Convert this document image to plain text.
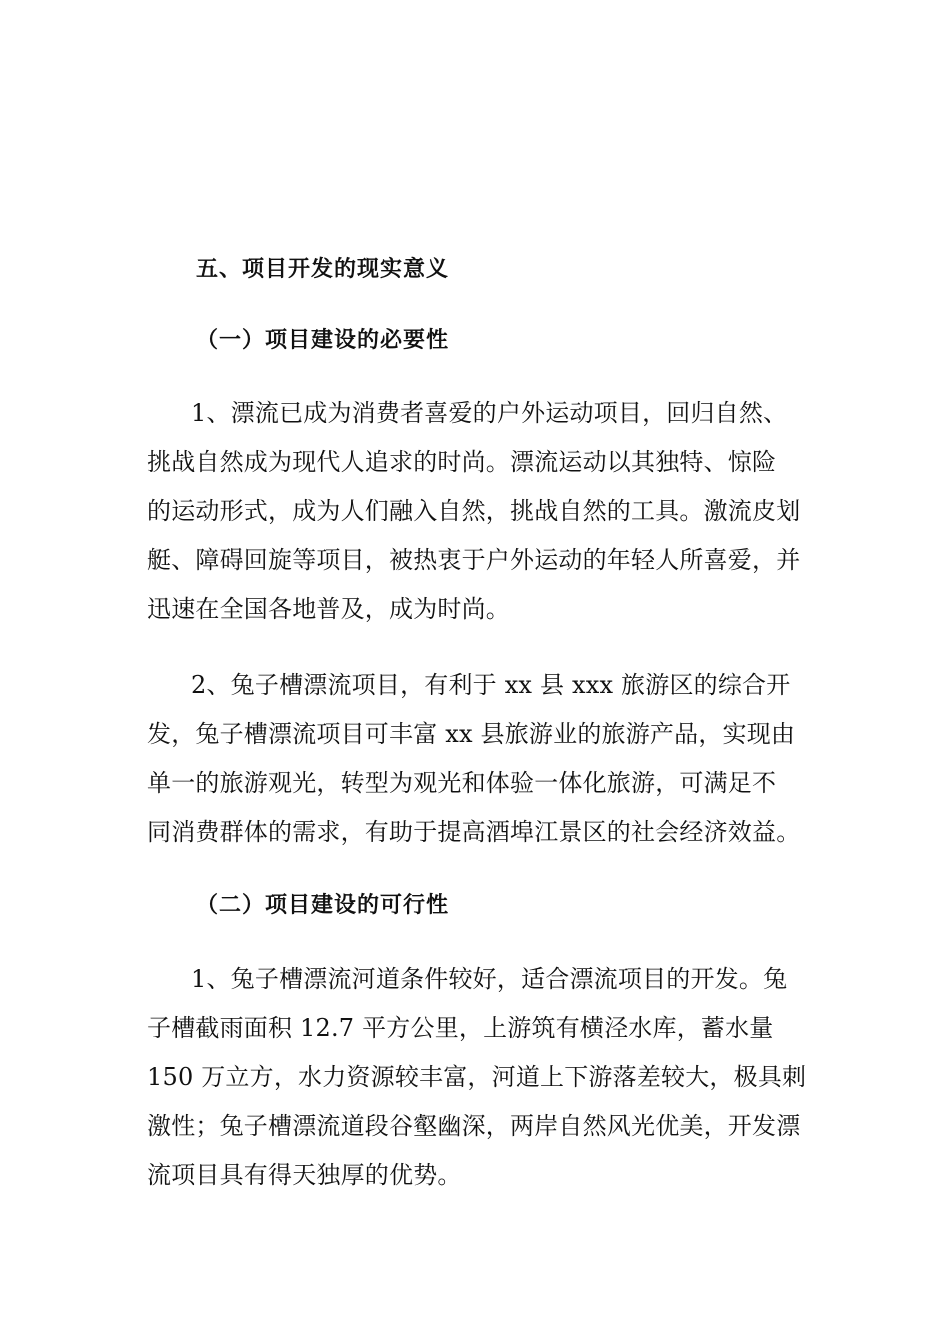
五、项目开发的现实意义
（一）项目建设的必要性

1、漂流已成为消费者喜爱的户外运动项目，回归自然、
挑战自然成为现代人追求的时尚。漂流运动以其独特、惊险
的运动形式，成为人们融入自然，挑战自然的工具。激流皮划
艇、障碍回旋等项目，被热衷于户外运动的年轻人所喜爱，并
迅速在全国各地普及，成为时尚。

2、兔子槽漂流项目，有利于 xx 县 xxx 旅游区的综合开
发，兔子槽漂流项目可丰富 xx 县旅游业的旅游产品，实现由
单一的旅游观光，转型为观光和体验一体化旅游，可满足不
同消费群体的需求，有助于提高酒埠江景区的社会经济效益。

（二）项目建设的可行性

1、兔子槽漂流河道条件较好，适合漂流项目的开发。兔
子槽截雨面积 12.7 平方公里，上游筑有横泾水库，蓄水量
150 万立方，水力资源较丰富，河道上下游落差较大，极具刺
激性；兔子槽漂流道段谷壑幽深，两岸自然风光优美，开发漂
流项目具有得天独厚的优势。
